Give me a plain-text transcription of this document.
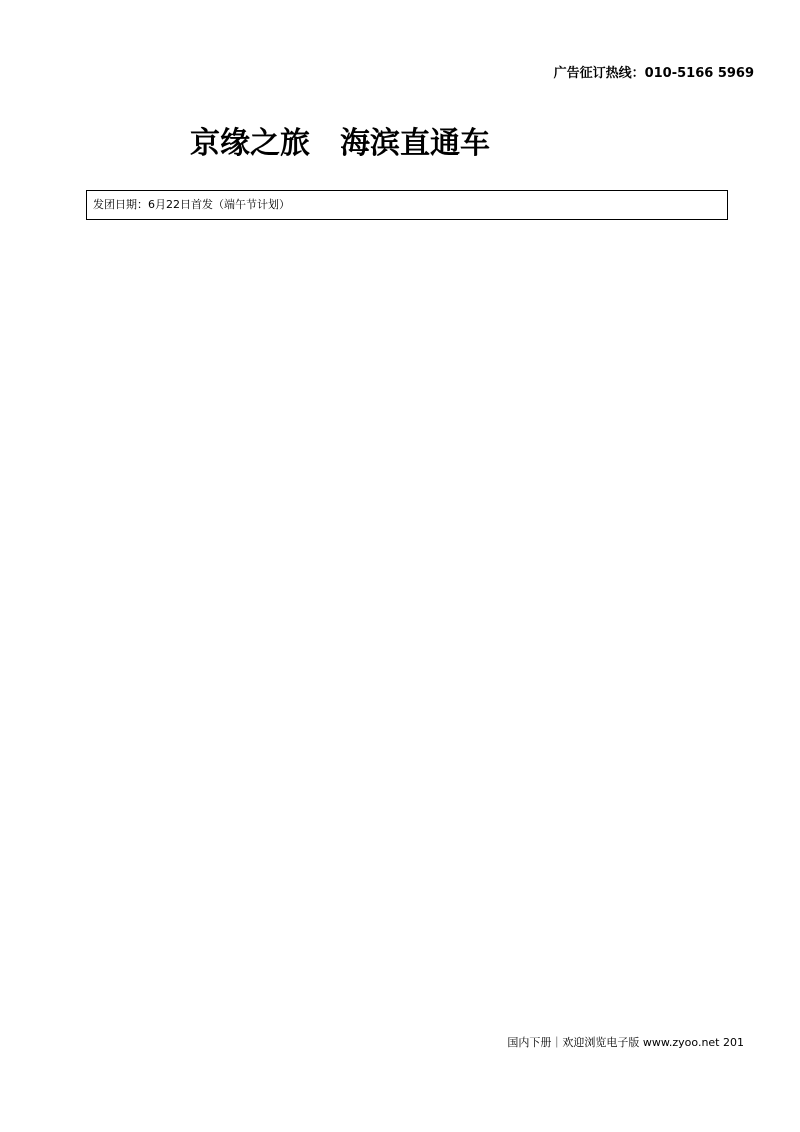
广告征订热线：010-5166 5969
京缘之旅　海滨直通车
发团日期：6月22日首发（端午节计划）
国内下册｜欢迎浏览电子版 www.zyoo.net 201
